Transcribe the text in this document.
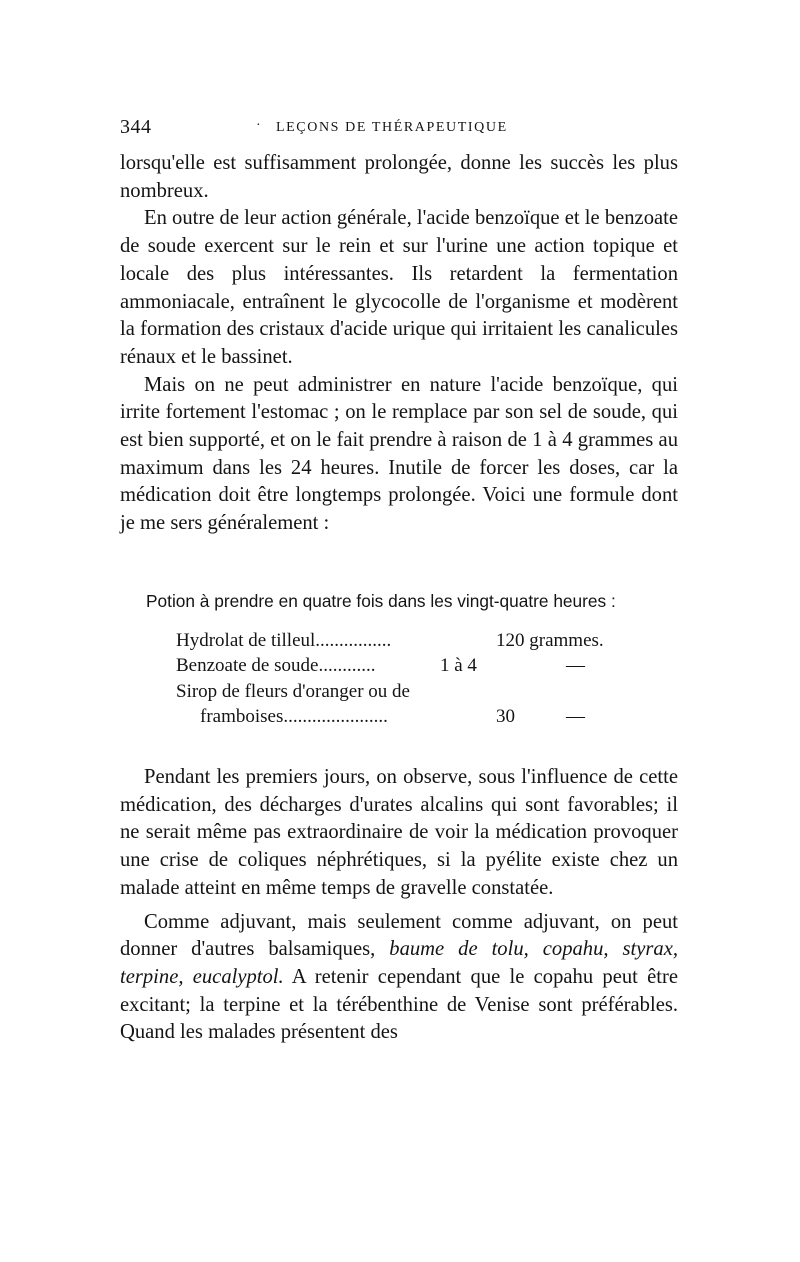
344
·	LEÇONS DE THÉRAPEUTIQUE

lorsqu'elle est suffisamment prolongée, donne les succès les plus nombreux.

En outre de leur action générale, l'acide benzoïque et le benzoate de soude exercent sur le rein et sur l'urine une action topique et locale des plus intéressantes. Ils retardent la fermentation ammoniacale, entraînent le glycocolle de l'organisme et modèrent la formation des cristaux d'acide urique qui irritaient les canalicules rénaux et le bassinet.

Mais on ne peut administrer en nature l'acide benzoïque, qui irrite fortement l'estomac ; on le remplace par son sel de soude, qui est bien supporté, et on le fait prendre à raison de 1 à 4 grammes au maximum dans les 24 heures. Inutile de forcer les doses, car la médication doit être longtemps prolongée. Voici une formule dont je me sers généralement :

Potion à prendre en quatre fois dans les vingt-quatre heures :
Hydrolat de tilleul................	120 grammes.
Benzoate de soude............	1 à 4	—
Sirop de fleurs d'oranger ou de
framboises......................	30	—

Pendant les premiers jours, on observe, sous l'influence de cette médication, des décharges d'urates alcalins qui sont favorables; il ne serait même pas extraordinaire de voir la médication provoquer une crise de coliques néphrétiques, si la pyélite existe chez un malade atteint en même temps de gravelle constatée.

Comme adjuvant, mais seulement comme adjuvant, on peut donner d'autres balsamiques, baume de tolu, copahu, styrax, terpine, eucalyptol. A retenir cependant que le copahu peut être excitant; la terpine et la térébenthine de Venise sont préférables. Quand les malades présentent des
